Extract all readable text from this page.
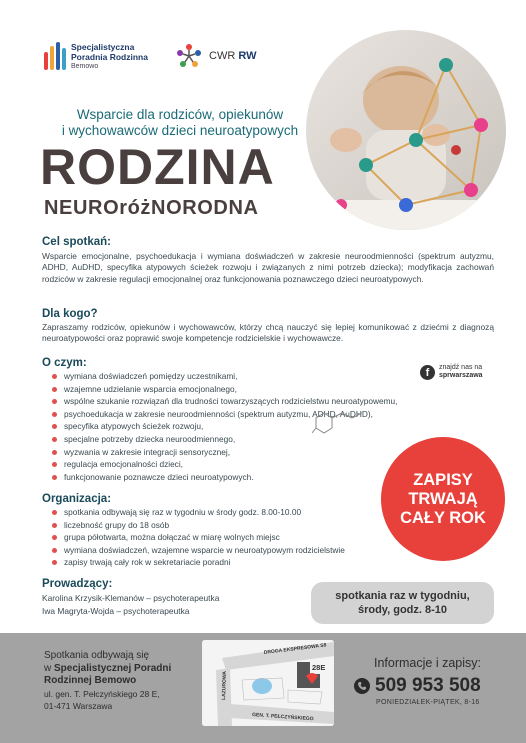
Specjalistyczna
Poradnia Rodzinna
Bemowo
CWR RW
Wsparcie dla rodziców, opiekunów
i wychowawców dzieci neuroatypowych
RODZINA
NEUROróżNORODNA
Cel spotkań:
Wsparcie emocjonalne, psychoedukacja i wymiana doświadczeń w zakresie neuroodmienności (spektrum autyzmu, ADHD, AuDHD, specyfika atypowych ścieżek rozwoju i związanych z nimi potrzeb dziecka); modyfikacja zachowań rodziców w zakresie regulacji emocjonalnej oraz funkcjonowania poznawczego dzieci neuroatypowych.
Dla kogo?
Zapraszamy rodziców, opiekunów i wychowawców, którzy chcą nauczyć się lepiej komunikować z dziećmi z diagnozą neuroatypowości oraz poprawić swoje kompetencje rodzicielskie i wychowawcze.
O czym:
wymiana doświadczeń pomiędzy uczestnikami,
wzajemne udzielanie wsparcia emocjonalnego,
wspólne szukanie rozwiązań dla trudności towarzyszących rodzicielstwu neuroatypowemu,
psychoedukacja w zakresie neuroodmienności (spektrum autyzmu, ADHD, AuDHD),
specyfika atypowych ścieżek rozwoju,
specjalne potrzeby dziecka neuroodmiennego,
wyzwania w zakresie integracji sensorycznej,
regulacja emocjonalności dzieci,
funkcjonowanie poznawcze dzieci neuroatypowych.
f	znajdź nas na
sprwarszawa
ZAPISY
TRWAJĄ
CAŁY ROK
Organizacja:
spotkania odbywają się raz w tygodniu w środy godz. 8.00-10.00
liczebność grupy do 18 osób
grupa półotwarta, można dołączać w miarę wolnych miejsc
wymiana doświadczeń, wzajemne wsparcie w neuroatypowym rodzicielstwie
zapisy trwają cały rok w sekretariacie poradni
Prowadzący:
Karolina Krzysik-Klemanów – psychoterapeutka
Iwa Magryta-Wojda – psychoterapeutka
spotkania raz w tygodniu,
środy, godz. 8-10
Spotkania odbywają się
w Specjalistycznej Poradni
Rodzinnej Bemowo
ul. gen. T. Pełczyńskiego 28 E,
01-471 Warszawa
DROGA EKSPRESOWA S8
LAZUROWA
GEN. T. PEŁCZYŃSKIEGO
28E	Informacje i zapisy:
509 953 508
PONIEDZIAŁEK-PIĄTEK, 8-16
